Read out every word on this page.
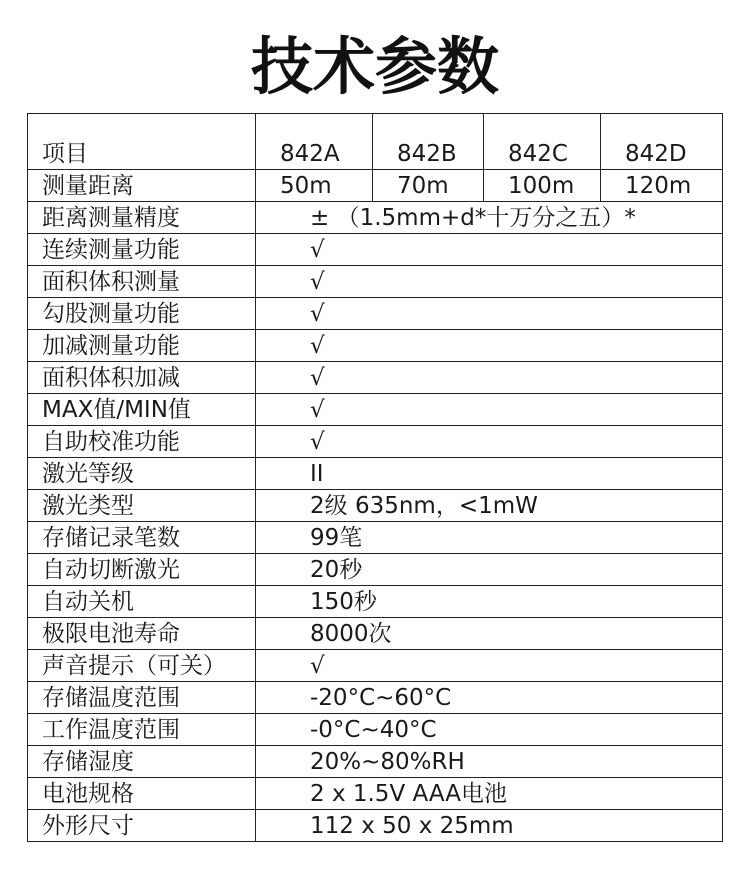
技术参数
项目	842A	842B	842C	842D
测量距离	50m	70m	100m	120m
距离测量精度	± （1.5mm+d*十万分之五）*			
连续测量功能	√			
面积体积测量	√			
勾股测量功能	√			
加减测量功能	√			
面积体积加减	√			
MAX值/MIN值	√			
自助校准功能	√			
激光等级	II			
激光类型	2级 635nm，<1mW			
存储记录笔数	99笔			
自动切断激光	20秒			
自动关机	150秒			
极限电池寿命	8000次			
声音提示（可关）	√			
存储温度范围	-20°C~60°C			
工作温度范围	-0°C~40°C			
存储湿度	20%~80%RH			
电池规格	2 x 1.5V AAA电池			
外形尺寸	112 x 50 x 25mm			
